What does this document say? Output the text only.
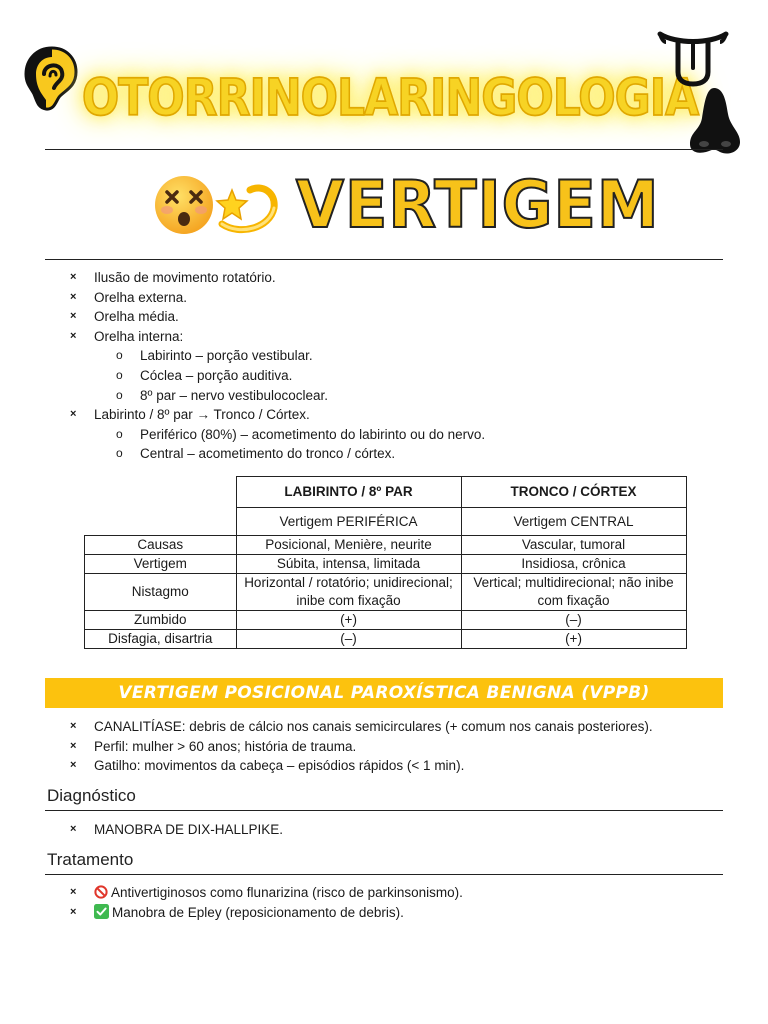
OTORRINOLARINGOLOGIA
VERTIGEM
× Ilusão de movimento rotatório.
× Orelha externa.
× Orelha média.
× Orelha interna:
o Labirinto – porção vestibular.
o Cóclea – porção auditiva.
o 8º par – nervo vestibulococlear.
× Labirinto / 8º par → Tronco / Córtex.
o Periférico (80%) – acometimento do labirinto ou do nervo.
o Central – acometimento do tronco / córtex.
	LABIRINTO / 8º PAR	TRONCO / CÓRTEX
	Vertigem PERIFÉRICA	Vertigem CENTRAL
Causas	Posicional, Menière, neurite	Vascular, tumoral
Vertigem	Súbita, intensa, limitada	Insidiosa, crônica
Nistagmo	Horizontal / rotatório; unidirecional; inibe com fixação	Vertical; multidirecional; não inibe com fixação
Zumbido	(+)	(–)
Disfagia, disartria	(–)	(+)
VERTIGEM POSICIONAL PAROXÍSTICA BENIGNA (VPPB)
× CANALITÍASE: debris de cálcio nos canais semicirculares (+ comum nos canais posteriores).
× Perfil: mulher > 60 anos; história de trauma.
× Gatilho: movimentos da cabeça – episódios rápidos (< 1 min).
Diagnóstico
× MANOBRA DE DIX-HALLPIKE.
Tratamento
×	Antivertiginosos como flunarizina (risco de parkinsonismo).
×	Manobra de Epley (reposicionamento de debris).
